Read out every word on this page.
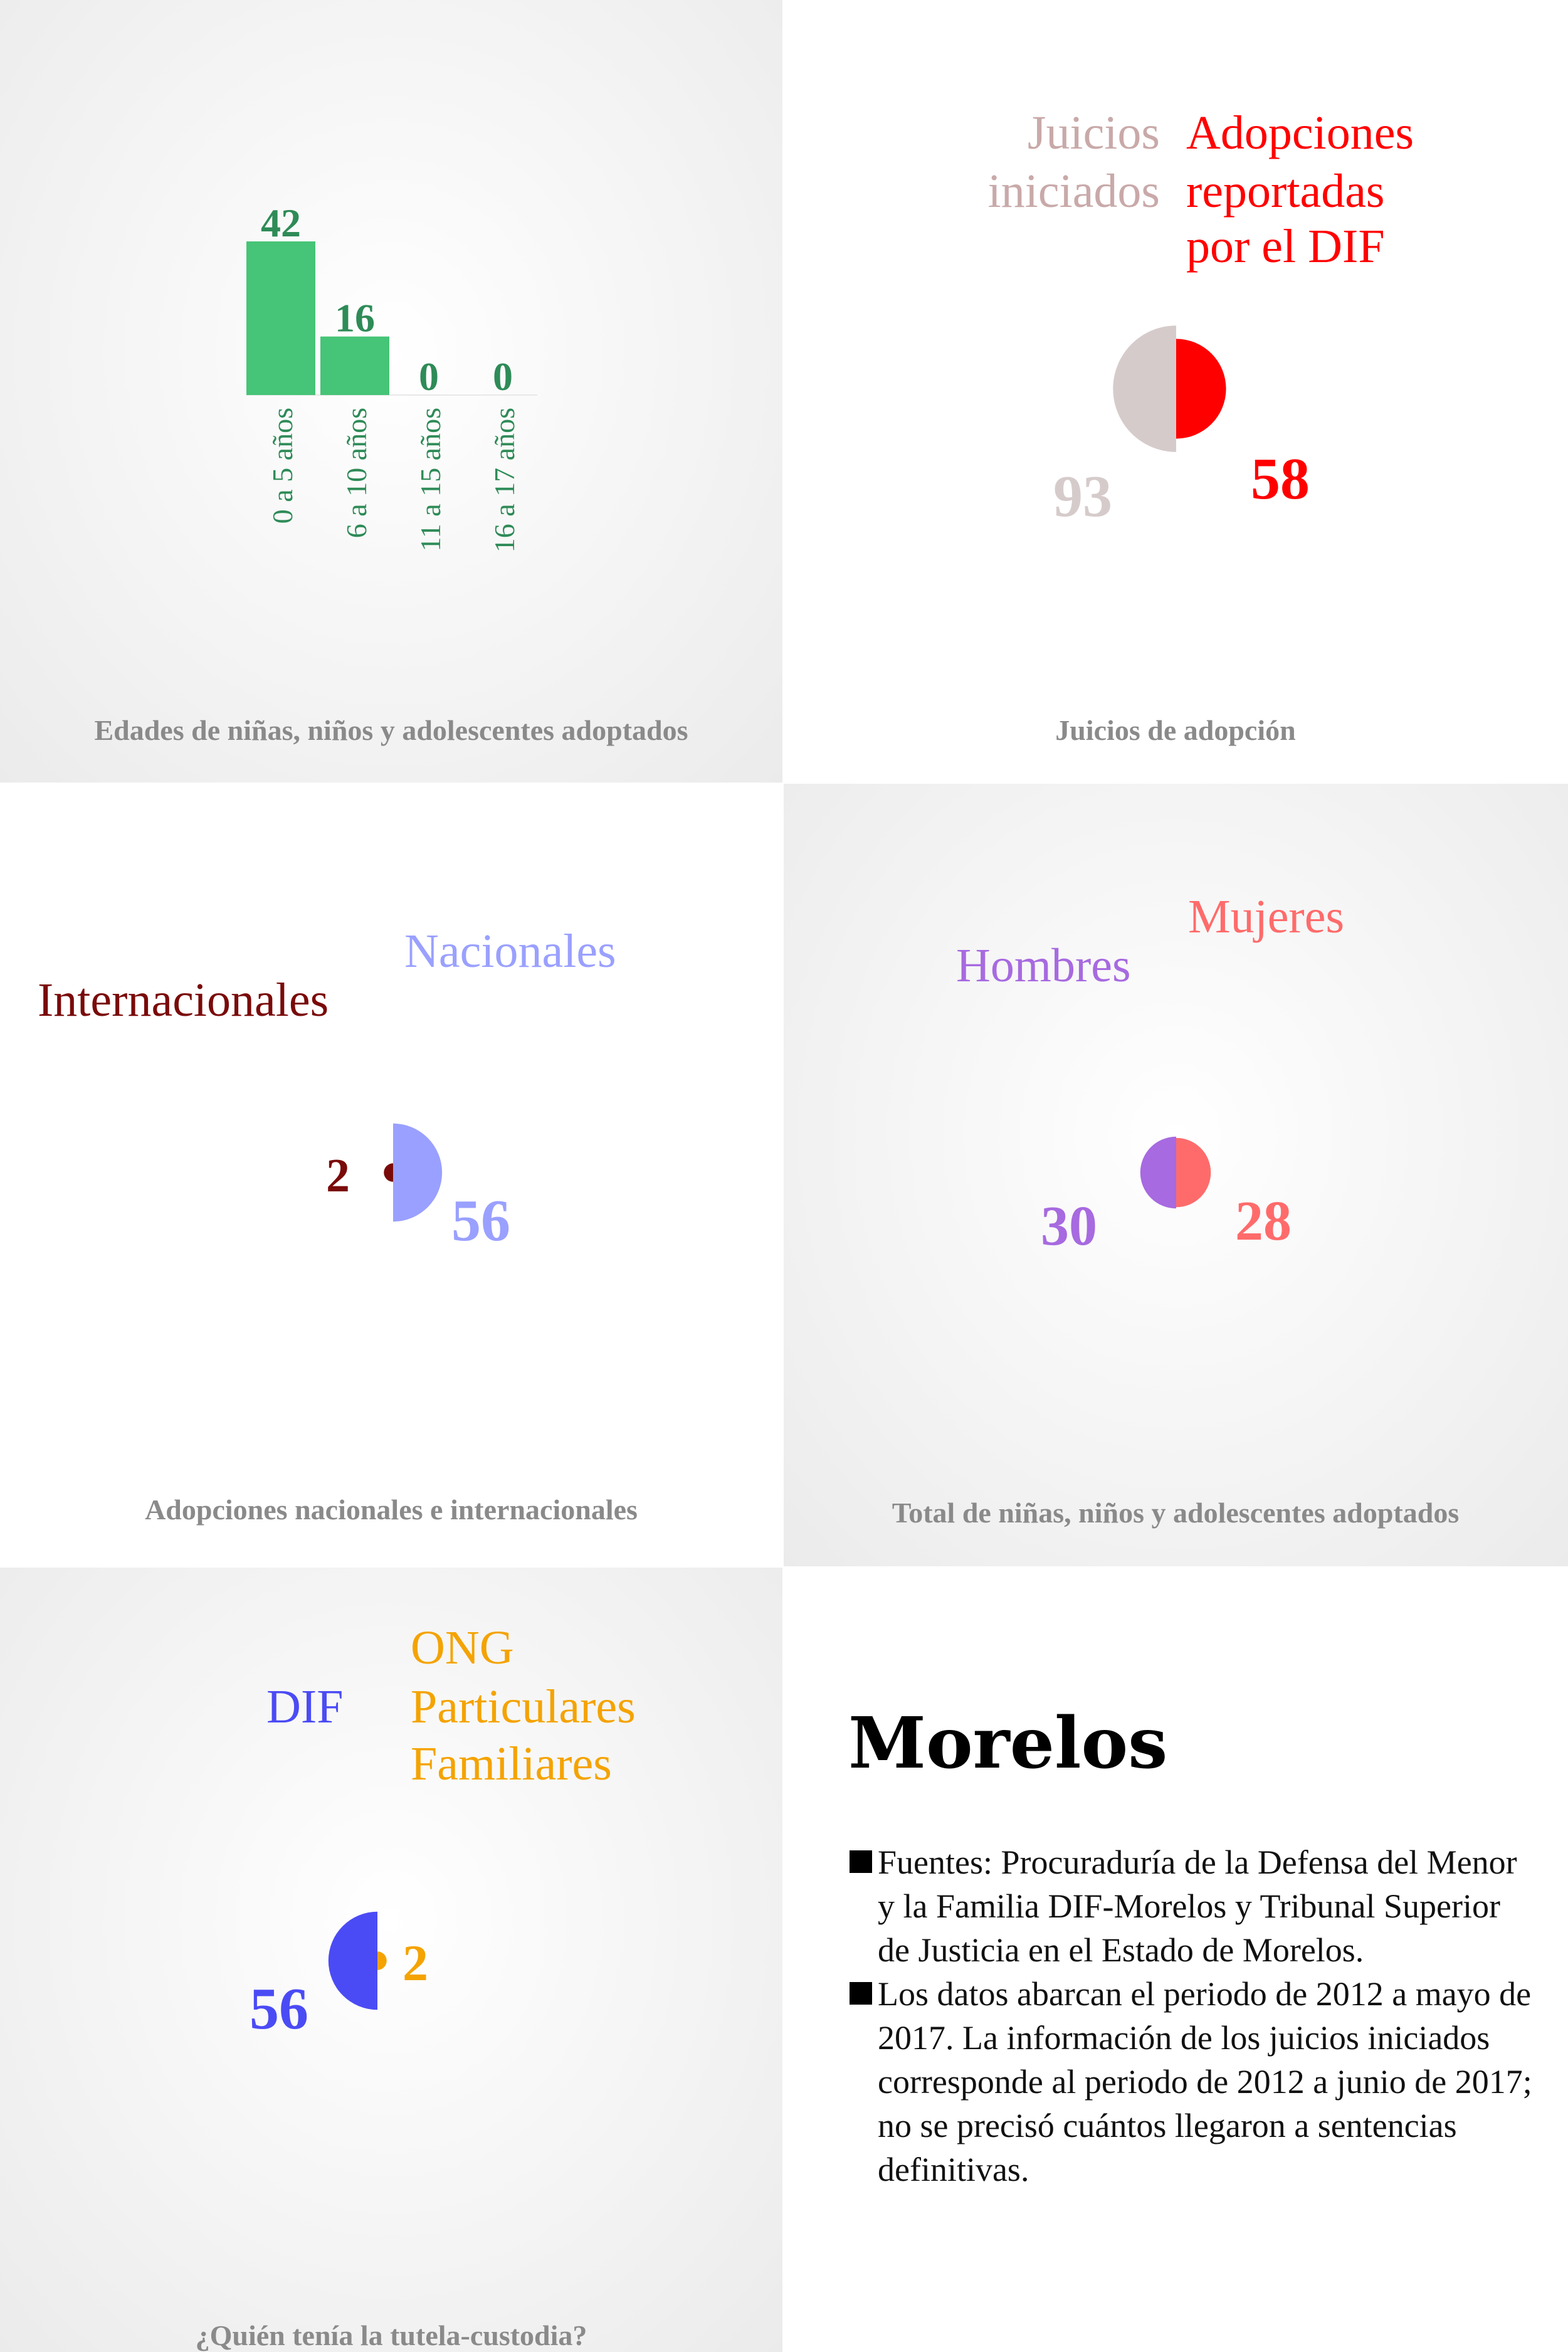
42
0 a 5 años
16
6 a 10 años
0
11 a 15 años
0
16 a 17 años
Edades de niñas, niños y adolescentes adoptados
Juicios
iniciados
Adopciones
reportadas
por el DIF
93 58
Juicios de adopción
Nacionales
Internacionales
56
2
Adopciones nacionales e internacionales
Mujeres
Hombres
28
30
Total de niñas, niños y adolescentes adoptados
DIF
ONG
Particulares
Familiares
56
2
¿Quién tenía la tutela-custodia?
Morelos

Fuentes: Procuraduría de la Defensa del Menor y la Familia DIF-Morelos y Tribunal Superior de Justicia en el Estado de Morelos.

Los datos abarcan el periodo de 2012 a mayo de 2017. La información de los juicios iniciados corresponde al periodo de 2012 a junio de 2017; no se precisó cuántos llegaron a sentencias definitivas.
